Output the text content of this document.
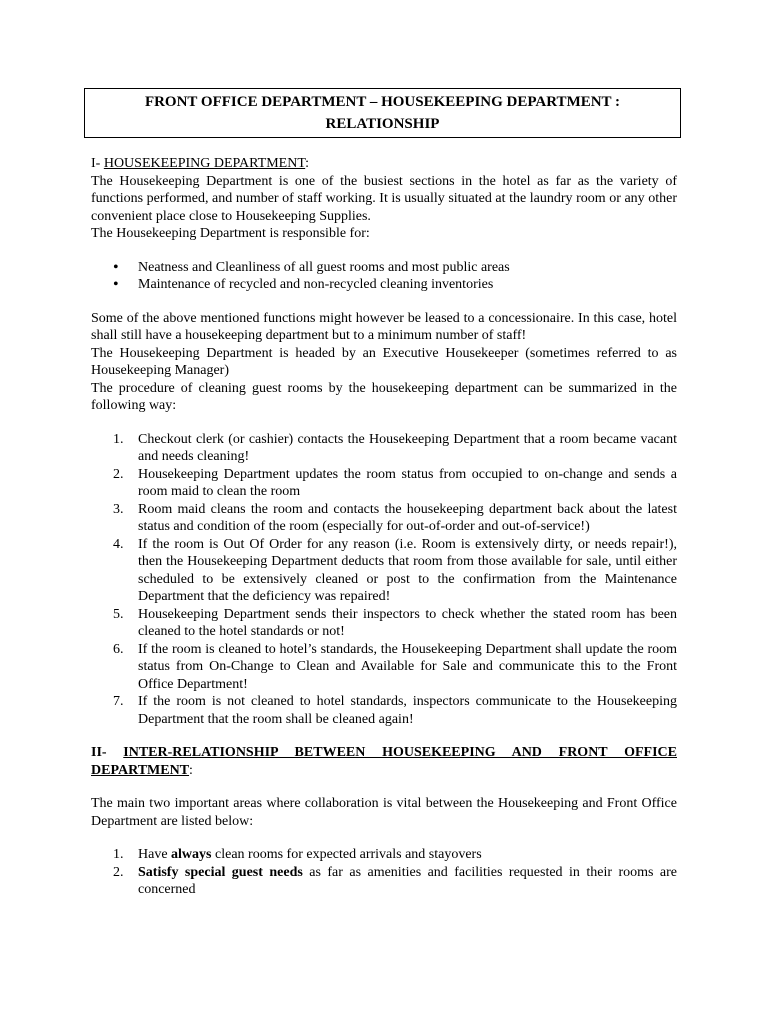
FRONT OFFICE DEPARTMENT – HOUSEKEEPING DEPARTMENT :
RELATIONSHIP
I- HOUSEKEEPING DEPARTMENT:

The Housekeeping Department is one of the busiest sections in the hotel as far as the variety of functions performed, and number of staff working. It is usually situated at the laundry room or any other convenient place close to Housekeeping Supplies.

The Housekeeping Department is responsible for:

• Neatness and Cleanliness of all guest rooms and most public areas
• Maintenance of recycled and non-recycled cleaning inventories

Some of the above mentioned functions might however be leased to a concessionaire. In this case, hotel shall still have a housekeeping department but to a minimum number of staff!

The Housekeeping Department is headed by an Executive Housekeeper (sometimes referred to as Housekeeping Manager)

The procedure of cleaning guest rooms by the housekeeping department can be summarized in the following way:

1. Checkout clerk (or cashier) contacts the Housekeeping Department that a room became vacant and needs cleaning!
2. Housekeeping Department updates the room status from occupied to on-change and sends a room maid to clean the room
3. Room maid cleans the room and contacts the housekeeping department back about the latest status and condition of the room (especially for out-of-order and out-of-service!)
4. If the room is Out Of Order for any reason (i.e. Room is extensively dirty, or needs repair!), then the Housekeeping Department deducts that room from those available for sale, until either scheduled to be extensively cleaned or post to the confirmation from the Maintenance Department that the deficiency was repaired!
5. Housekeeping Department sends their inspectors to check whether the stated room has been cleaned to the hotel standards or not!
6. If the room is cleaned to hotel’s standards, the Housekeeping Department shall update the room status from On-Change to Clean and Available for Sale and communicate this to the Front Office Department!
7. If the room is not cleaned to hotel standards, inspectors communicate to the Housekeeping Department that the room shall be cleaned again!
II- INTER-RELATIONSHIP BETWEEN HOUSEKEEPING AND FRONT OFFICE DEPARTMENT:

The main two important areas where collaboration is vital between the Housekeeping and Front Office Department are listed below:

1. Have always clean rooms for expected arrivals and stayovers
2. Satisfy special guest needs as far as amenities and facilities requested in their rooms are concerned
